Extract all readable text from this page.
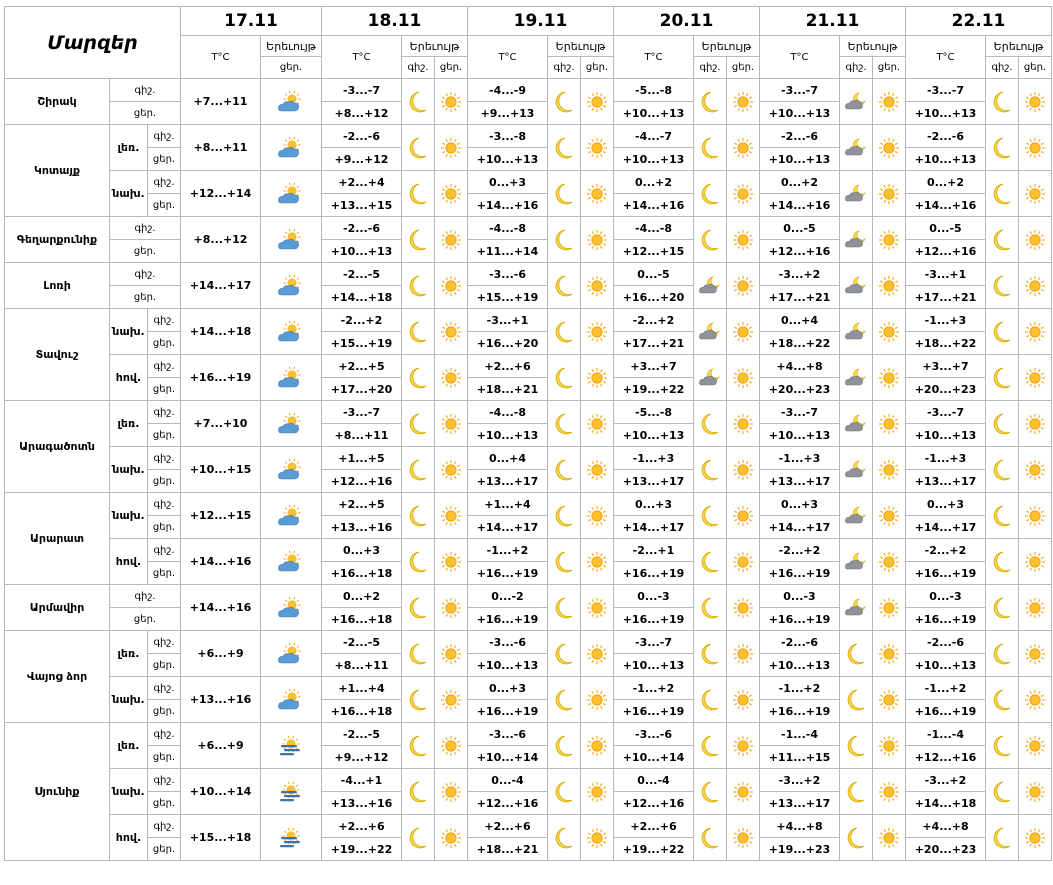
Մարզեր			17.11		18.11			19.11			20.11			21.11			22.11		
			T°C	Երեւույթ	T°C	Երեւույթ		T°C	Երեւույթ		T°C	Երեւույթ		T°C	Երեւույթ		T°C	Երեւույթ	
				ցեր.		գիշ.	ցեր.		գիշ.	ցեր.		գիշ.	ցեր.		գիշ.	ցեր.		գիշ.	ցեր.
Շիրակ	գիշ.		+7...+11		-3...-7			-4...-9			-5...-8			-3...-7			-3...-7	

	ցեր.				+8...+12			+9...+13			+10...+13			+10...+13			+10...+13		
Կոտայք	լեռ.	գիշ.	+8...+11		-2...-6			-3...-8			-4...-7			-2...-6			-2...-6	

		ցեր.			+9...+12			+10...+13			+10...+13			+10...+13			+10...+13		
	նախ.	գիշ.	+12...+14		+2...+4			0...+3			0...+2			0...+2			0...+2	

		ցեր.			+13...+15			+14...+16			+14...+16			+14...+16			+14...+16		
Գեղարքունիք	գիշ.		+8...+12		-2...-6			-4...-8			-4...-8			0...-5			0...-5	

	ցեր.				+10...+13			+11...+14			+12...+15			+12...+16			+12...+16		
Լոռի	գիշ.		+14...+17		-2...-5			-3...-6			0...-5			-3...+2			-3...+1	

	ցեր.				+14...+18			+15...+19			+16...+20			+17...+21			+17...+21		
Տավուշ	նախ.	գիշ.	+14...+18		-2...+2			-3...+1			-2...+2			0...+4			-1...+3	

		ցեր.			+15...+19			+16...+20			+17...+21			+18...+22			+18...+22		
	հով.	գիշ.	+16...+19		+2...+5			+2...+6			+3...+7			+4...+8			+3...+7	

		ցեր.			+17...+20			+18...+21			+19...+22			+20...+23			+20...+23		
Արագածոտն	լեռ.	գիշ.	+7...+10		-3...-7			-4...-8			-5...-8			-3...-7			-3...-7	

		ցեր.			+8...+11			+10...+13			+10...+13			+10...+13			+10...+13		
	նախ.	գիշ.	+10...+15		+1...+5			0...+4			-1...+3			-1...+3			-1...+3	

		ցեր.			+12...+16			+13...+17			+13...+17			+13...+17			+13...+17		
Արարատ	նախ.	գիշ.	+12...+15		+2...+5			+1...+4			0...+3			0...+3			0...+3	

		ցեր.			+13...+16			+14...+17			+14...+17			+14...+17			+14...+17		
	հով.	գիշ.	+14...+16		0...+3			-1...+2			-2...+1			-2...+2			-2...+2	

		ցեր.			+16...+18			+16...+19			+16...+19			+16...+19			+16...+19		
Արմավիր	գիշ.		+14...+16		0...+2			0...-2			0...-3			0...-3			0...-3	

	ցեր.				+16...+18			+16...+19			+16...+19			+16...+19			+16...+19		
Վայոց ձոր	լեռ.	գիշ.	+6...+9		-2...-5			-3...-6			-3...-7			-2...-6			-2...-6	

		ցեր.			+8...+11			+10...+13			+10...+13			+10...+13			+10...+13		
	նախ.	գիշ.	+13...+16		+1...+4			0...+3			-1...+2			-1...+2			-1...+2	

		ցեր.			+16...+18			+16...+19			+16...+19			+16...+19			+16...+19		
Սյունիք	լեռ.	գիշ.	+6...+9		-2...-5			-3...-6			-3...-6			-1...-4			-1...-4	

		ցեր.			+9...+12			+10...+14			+10...+14			+11...+15			+12...+16		
	նախ.	գիշ.	+10...+14		-4...+1			0...-4			0...-4			-3...+2			-3...+2	

		ցեր.			+13...+16			+12...+16			+12...+16			+13...+17			+14...+18		
	հով.	գիշ.	+15...+18		+2...+6			+2...+6			+2...+6			+4...+8			+4...+8	

		ցեր.			+19...+22			+18...+21			+19...+22			+19...+23			+20...+23		
